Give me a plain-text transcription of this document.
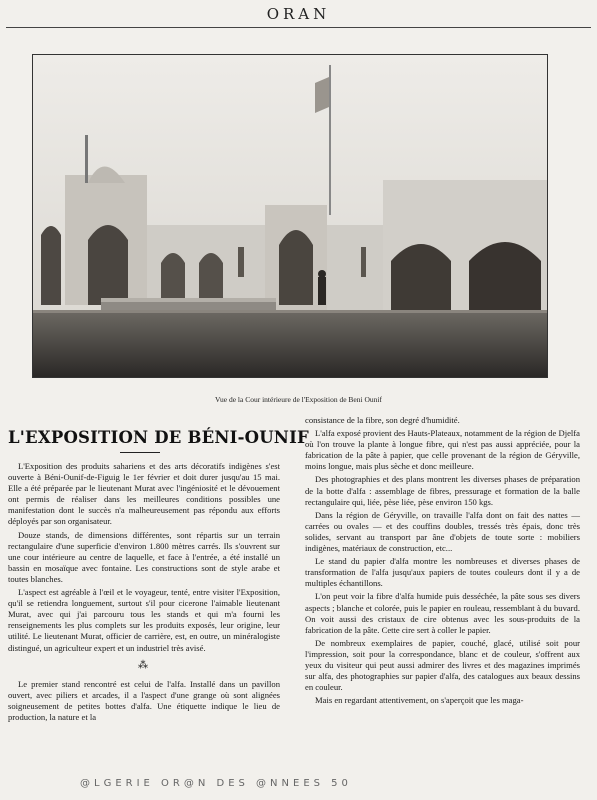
ORAN
Vue de la Cour intérieure de l'Exposition de Beni Ounif
L'EXPOSITION DE BÉNI-OUNIF

L'Exposition des produits sahariens et des arts décoratifs indigènes s'est ouverte à Béni-Ounif-de-Figuig le 1er février et doit durer jusqu'au 15 mai. Elle a été préparée par le lieutenant Murat avec l'ingéniosité et le dévouement ont permis de réaliser dans les meilleures conditions possibles une manifestation dont le succès n'a malheureusement pas répondu aux efforts déployés par son organisateur.

Douze stands, de dimensions différentes, sont répartis sur un terrain rectangulaire d'une superficie d'environ 1.800 mètres carrés. Ils s'ouvrent sur une cour intérieure au centre de laquelle, et face à l'entrée, a été installé un bassin en mosaïque avec fontaine. Les constructions sont de style arabe et toutes blanches.

L'aspect est agréable à l'œil et le voyageur, tenté, entre visiter l'Exposition, qu'il se retiendra longuement, surtout s'il pour cicerone l'aimable lieutenant Murat, avec qui j'ai parcouru tous les stands et qui m'a fourni les renseignements les plus complets sur les produits exposés, leur origine, leur utilité. Le lieutenant Murat, officier de carrière, est, en outre, un minéralogiste distingué, un agriculteur expert et un industriel très avisé.

⁂

Le premier stand rencontré est celui de l'alfa. Installé dans un pavillon ouvert, avec piliers et arcades, il a l'aspect d'une grange où sont alignées soigneusement de petites bottes d'alfa. Une étiquette indique le lieu de production, la nature et la

consistance de la fibre, son degré d'humidité.

L'alfa exposé provient des Hauts-Plateaux, notamment de la région de Djelfa où l'on trouve la plante à longue fibre, qui n'est pas aussi appréciée, pour la fabrication de la pâte à papier, que celle provenant de la région de Géryville, moins longue, mais plus sèche et donc meilleure.

Des photographies et des plans montrent les diverses phases de préparation de la botte d'alfa : assemblage de fibres, pressurage et formation de la balle rectangulaire qui, liée, pèse liée, pèse environ 150 kgs.

Dans la région de Géryville, on travaille l'alfa dont on fait des nattes — carrées ou ovales — et des couffins doubles, tressés très épais, donc très solides, servant au transport par âne d'objets de toute sorte : mobiliers indigènes, matériaux de construction, etc...

Le stand du papier d'alfa montre les nombreuses et diverses phases de transformation de l'alfa jusqu'aux papiers de toutes couleurs dont il y a de multiples échantillons.

L'on peut voir la fibre d'alfa humide puis desséchée, la pâte sous ses divers aspects ; blanche et colorée, puis le papier en rouleau, ressemblant à du buvard. On voit aussi des cristaux de cire obtenus avec les sous-produits de la fabrication de la pâte. Cette cire sert à coller le papier.

De nombreux exemplaires de papier, couché, glacé, utilisé soit pour l'impression, soit pour la correspondance, blanc et de couleur, s'offrent aux yeux du visiteur qui peut aussi admirer des livres et des magazines imprimés sur alfa, des photographies sur papier d'alfa, des catalogues aux beaux dessins en couleur.

Mais en regardant attentivement, on s'aperçoit que les maga-

@LGERIE OR@N DES @NNEES 50
